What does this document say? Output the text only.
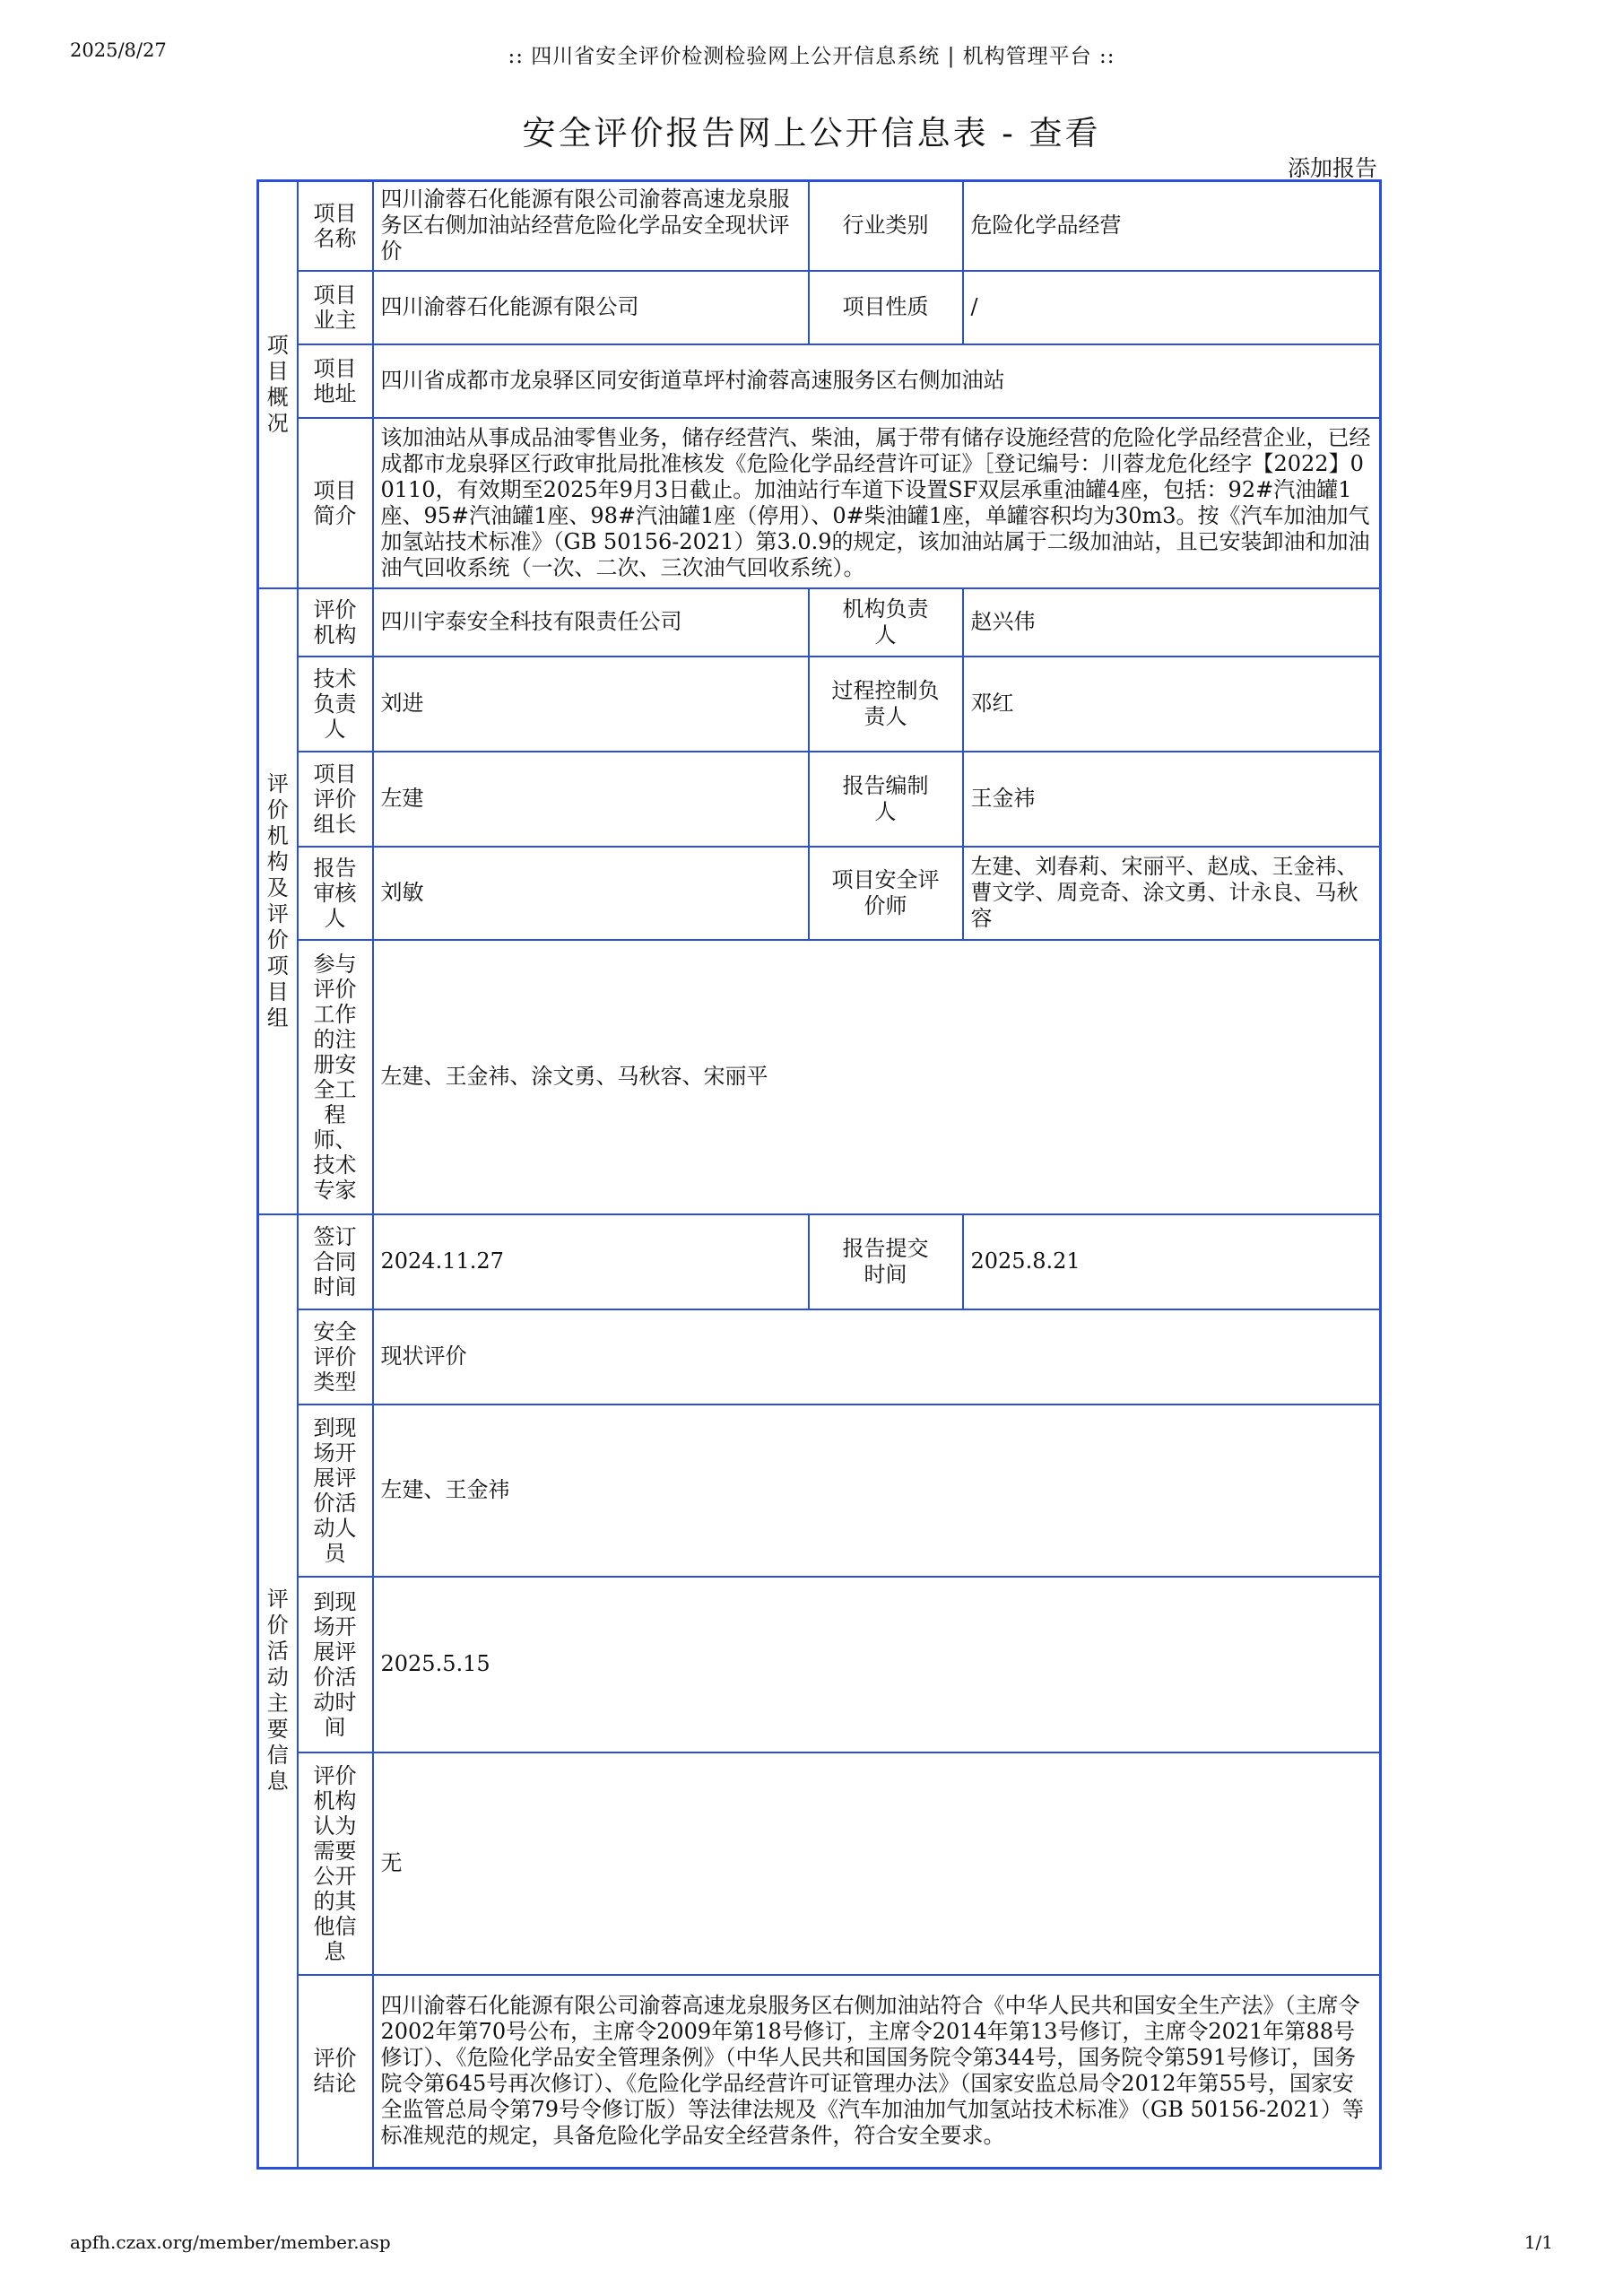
2025/8/27	:: 四川省安全评价检测检验网上公开信息系统 | 机构管理平台 ::
安全评价报告网上公开信息表 - 查看
添加报告
项目概况	项目名称	四川渝蓉石化能源有限公司渝蓉高速龙泉服务区右侧加油站经营危险化学品安全现状评价	行业类别	危险化学品经营
	项目业主	四川渝蓉石化能源有限公司	项目性质	/
	项目地址	四川省成都市龙泉驿区同安街道草坪村渝蓉高速服务区右侧加油站		
	项目简介	该加油站从事成品油零售业务，储存经营汽、柴油，属于带有储存设施经营的危险化学品经营企业，已经成都市龙泉驿区行政审批局批准核发《危险化学品经营许可证》［登记编号：川蓉龙危化经字【2022】00110，有效期至2025年9月3日截止。加油站行车道下设置SF双层承重油罐4座，包括：92#汽油罐1座、95#汽油罐1座、98#汽油罐1座（停用）、0#柴油罐1座，单罐容积均为30m3。按《汽车加油加气加氢站技术标准》（GB 50156-2021）第3.0.9的规定，该加油站属于二级加油站，且已安装卸油和加油油气回收系统（一次、二次、三次油气回收系统）。		
评价机构及评价项目组	评价机构	四川宇泰安全科技有限责任公司	机构负责人	赵兴伟
	技术负责人	刘进	过程控制负责人	邓红
	项目评价组长	左建	报告编制人	王金祎
	报告审核人	刘敏	项目安全评价师	左建、刘春莉、宋丽平、赵成、王金祎、曹文学、周竞奇、涂文勇、计永良、马秋容
	参与评价工作的注册安全工程师、技术专家	左建、王金祎、涂文勇、马秋容、宋丽平		
评价活动主要信息	签订合同时间	2024.11.27	报告提交时间	2025.8.21
	安全评价类型	现状评价		
	到现场开展评价活动人员	左建、王金祎		
	到现场开展评价活动时间	2025.5.15		
	评价机构认为需要公开的其他信息	无		
	评价结论	四川渝蓉石化能源有限公司渝蓉高速龙泉服务区右侧加油站符合《中华人民共和国安全生产法》（主席令2002年第70号公布，主席令2009年第18号修订，主席令2014年第13号修订，主席令2021年第88号修订）、《危险化学品安全管理条例》（中华人民共和国国务院令第344号，国务院令第591号修订，国务院令第645号再次修订）、《危险化学品经营许可证管理办法》（国家安监总局令2012年第55号，国家安全监管总局令第79号令修订版）等法律法规及《汽车加油加气加氢站技术标准》（GB 50156-2021）等标准规范的规定，具备危险化学品安全经营条件，符合安全要求。		
apfh.czax.org/member/member.asp	1/1
